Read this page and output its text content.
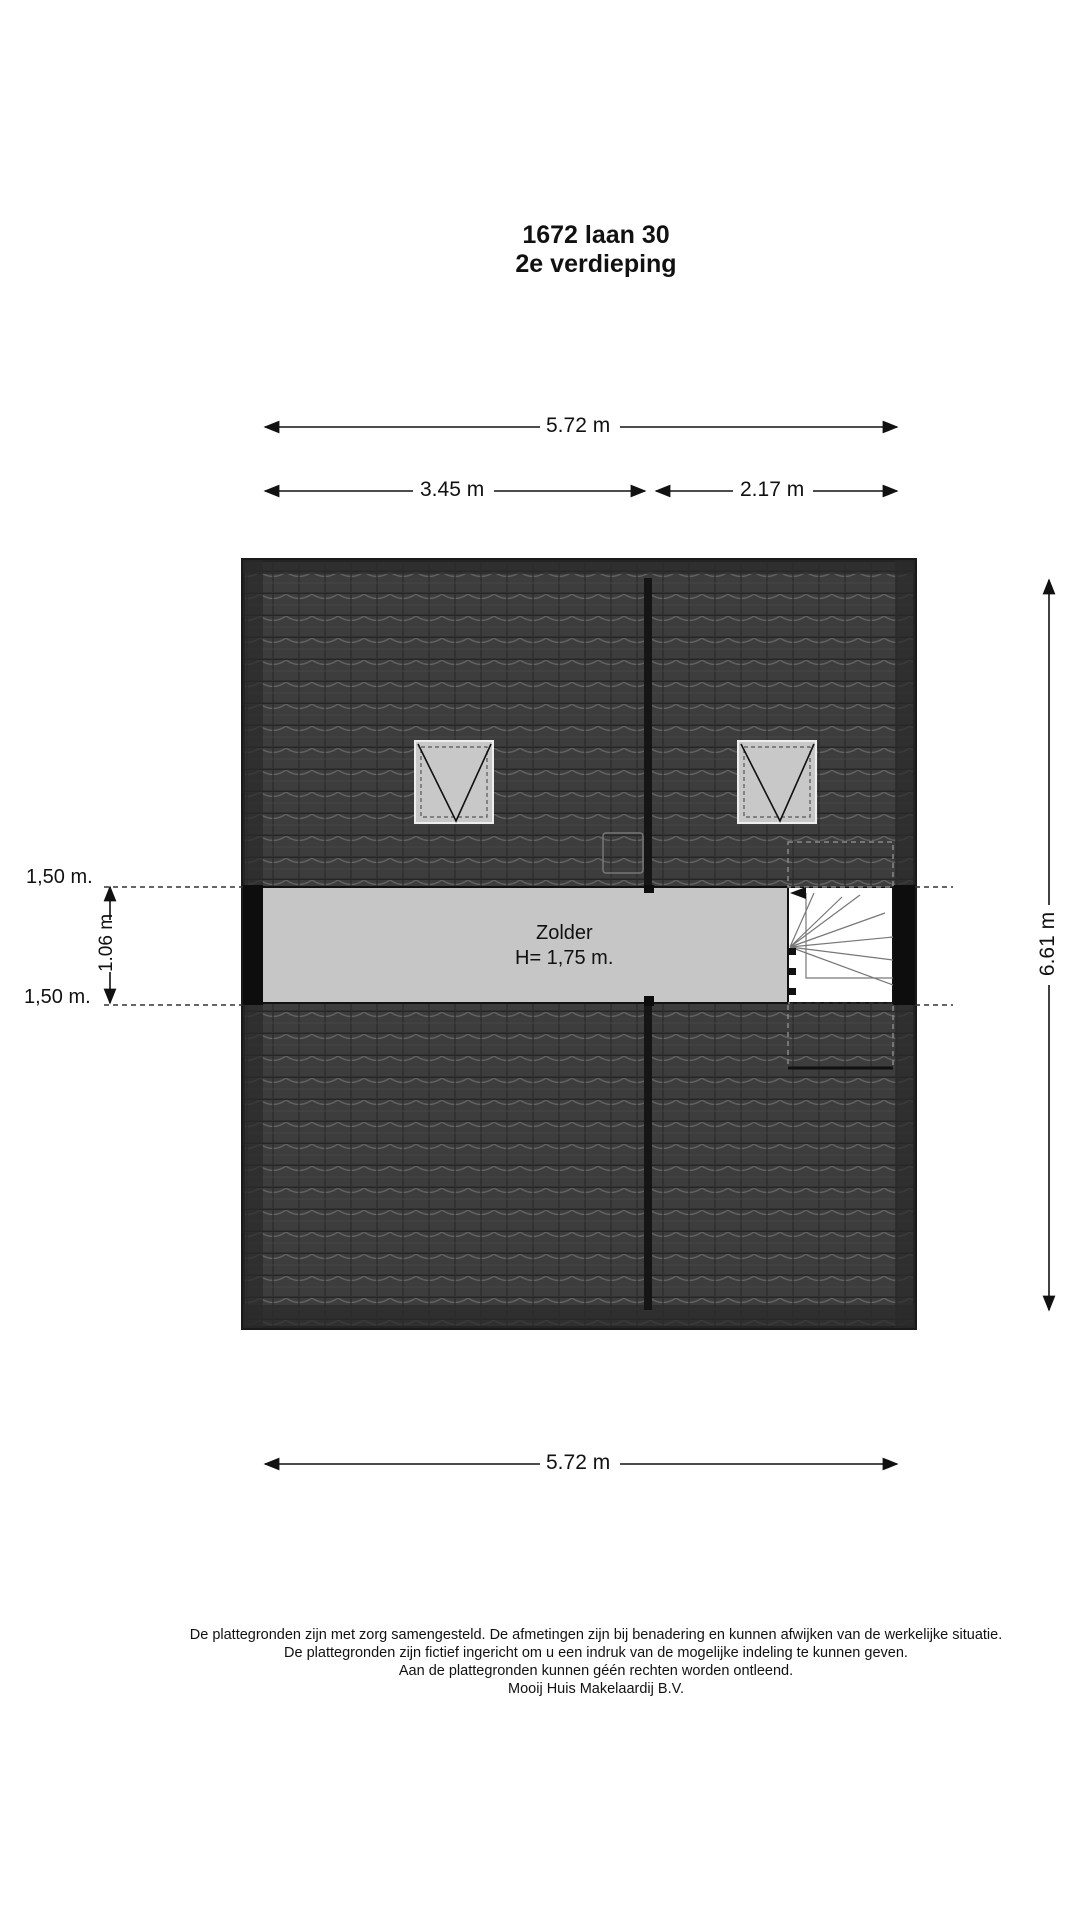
1672 laan 30
2e verdieping
5.72 m
3.45 m	2.17 m
5.72 m
6.61 m
1.06 m
1,50 m.
1,50 m.
Zolder
H= 1,75 m.
De plattegronden zijn met zorg samengesteld. De afmetingen zijn bij benadering en kunnen afwijken van de werkelijke situatie.
De plattegronden zijn fictief ingericht om u een indruk van de mogelijke indeling te kunnen geven.
Aan de plattegronden kunnen géén rechten worden ontleend.
Mooij Huis Makelaardij B.V.
